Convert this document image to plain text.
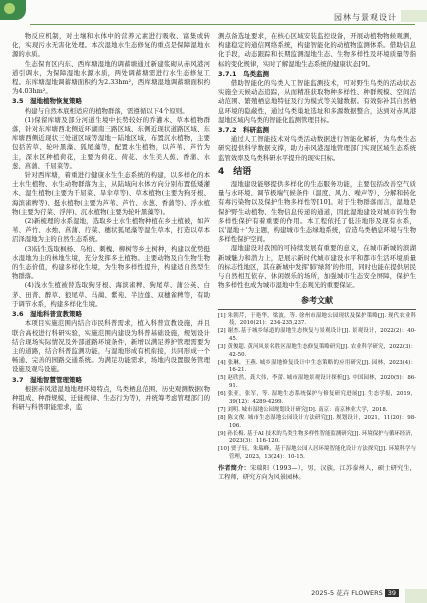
园林与景观设计
物反应机制，对土壤和水体中的营养元素进行吸收、富集或转化，实现污水无害化处理。本次湿地水生态修复的重点是保障湿地水源的水质。
生态保育区内东、西库塘湿地的调蓄塘通过新建浆砌从赤风港河道引调水，为保障湿地水源水质，两处调蓄塘需进行水生态修复工程。东库塘湿地调蓄塘面积约为2.33hm²，西库塘湿地调蓄塘面积约为4.03hm²。
3.5　湿地植物恢复策略
构建与自然本底相适应的植物群落，需遵循以下4个原则。
(1)保留库塘及部分河道生境中长势较好的乔灌木、草本植物群落，针对东库塘西北侧近环湖南三路区域、东侧近现状道路区域、东库塘西侧近现状三处道区域等湿地－陆地区域，布置沉水植物，主要包括苦草、轮叶黑藻、狐尾藻等，配置水生植物，以芦苇、芦竹为主，深水区种植荷花，主要为荷花、荷花、水生美人蕉、香蒲、水葱、菖蒲、千屈菜等。
针对西库塘，着重进行健康水生生态系统的构建，以多样化的本土水生植物、水生动物群落为主，从陆域向水体方向分别布置低矮灌木、湿生植物(主要为千屈菜、旱伞草等)、草本植物(主要为狗牙根、海滨雀稗等)、挺水植物(主要为芦苇、芦竹、水葱、香蒲等)、浮水植物(主要为荇菜、浮萍)、沉水植物(主要为轮叶黑藻等)。
(2)新梳理的水系湿地，选取乡土水生植物种植在乡土植被，如芦苇、芦竹、水烛、菖蒲、荇菜、穗状狐尾藻等湿生草本，打造以草本沼泽湿地为主的自然生态系统。
(3)陆生选取枫杨、乌桕、刺槐、柳树等乡土树种，构建以优势挺水湿地为主的林地生境，充分发挥多土植物。主要动物及自生物生物的生态价值，构建多样化生境，为生物多样性提升，构建适自然型生物群落。
(4)浅水生植被替选取狗牙根、海滨雀稗、狗尾草、蒲公英、白茅、田菁、醉草、狼尾草、马蔺、紫苑、半边莲、双穗雀稗等，有助于调节水系，构建多样化生境。
3.6　湿地科普宣教策略
本项目实施范围内结合市民科普需求，植入科普宣教设施，并且联合高校进行科研实验，实施范围内建设为科普基础设施，规划设计结合现场实际情况及外部道路环境条件，新增以满足养护管理需要为主的道路，结合科普监测功能，与湿地形成有机衔接，共同形成一个畅通、完善的园路交通系统。为满足功能需求，场地内设置服务管理设施及观鸟设施。
3.7　湿地智慧管理策略
根据赤风港湿地地理环境特点，鸟类栖息范围、历史观测数据(物种组成、种群规模、迁徙规律、生态行为等)，并统筹考虑管理部门的科研与科普职能需求，监
测点备选址要求，在核心区域安装监控设备，开展动植物物候观测，构建稳定的通信网络系统，构建智能化的动植物监测体系。借助信息化手段，动态跟踪和长期监测湿地生态、生物多样性及环境质量等指标的变化规律，实时了解湿地生态系统的健康状态[9]。
3.7.1　鸟类监测
借助智能化的鸟类人工智能监测技术，可对野生鸟类的活动状态实施全天候动态追踪，从而精准获取物种多样性、种群规模、空间活动范围、繁殖栖息地特征及行为模式等关键数据。有效弥补其自然栖息环境的隐蔽性，通过鸟类巢址选址和多源数据整合，达到对赤风港湿地区域内鸟类的智能化监测管理目标。
3.7.2　科研监测
通过人工智能技术对鸟类活动数据进行智能化解析，为鸟类生态研究提供科学数据支撑，助力赤风港湿地管理部门实现区域生态系统监管效率及鸟类科研水平提升的现实目标。
4　结语
湿地建设能够提供多样化的生态服务功能，主要包括改善空气质量与水环境、调节极端气候条件（温度、风力、噪声等）、分解和转化有毒污染物以及保护生物多样性等[10]。对于生物群落而言，湿地是保护野生动植物、生物信息传递的通道，因此湿地建设对城市的生物多样性保护有着重要的作用。本工程依托了低洼地形及现有水系，以'湿地＋'为主题，构建城市生态绿地系统，营造鸟类栖息环境与生物多样性保护空间。
湿地建设对我国的可持续发展有重要的意义，在城市新城的滨湖新城魅力和潜力上，是展示新时代城市建设水平和都市生活环境质量的标志性地区，其在新城中发挥'肺'绿肾'的作用，同时也能在提供居民与自然相互依存、休闲娱乐的场所，加强城市生态安全屏障，保护生物多样性也成为城市湿地中生态观光的重要保证。
参考文献
[1] 朱朝芹，于艳华，梁波，等. 徐州市湿地公园现状及保护策略[J]. 现代农业科技，2016(21)：234-235,237.
[2] 谢杰.基于城乡绿道的湿地生态恢复与景观设计[J]. 景观设计，2022(2)：40-45.
[3] 黄俊超. 黄河风景名胜区湿地生态修复策略研究[J]. 农业科学研究，2022(3)：42-50.
[4] 张琳，王燕. 城乡湿地修复设计中生态策略的应用研究[J]. 园林，2023(4)：16-21.
[5] 赵欣然，龚大伟，李蕾. 城市湿地景观设计探析[J]. 中国园林，2020(5)：86-91.
[6] 张亚，张军，等. 湿地生态系统保护与修复研究进展[J]. 生态学报，2019，39(12)：4289-4299.
[7] 刘明. 城市湿地公园规划设计研究[D]. 南京：南京林业大学，2018.
[8] 陈文俊. 城市生态湿地公园设计方法研究[J]. 规划设计，2021，11(20)：98-106.
[9] 孙长梅. 基于AI 技术的鸟类生物多样性智能监测研究[J]. 环境保护与循环经济，2023(3)：116-120.
[10] 贾子钰，朱瑞峰，基于湿地公园人居环境智能化设计方法探究[J]. 环境科学与管理，2023，13(24)：10-15.
作者简介：宋瑞阳（1993—），男，汉族，江苏泰州人，硕士研究生，工程师，研究方向为风景园林。
2025-5 花卉 FLOWERS 39
